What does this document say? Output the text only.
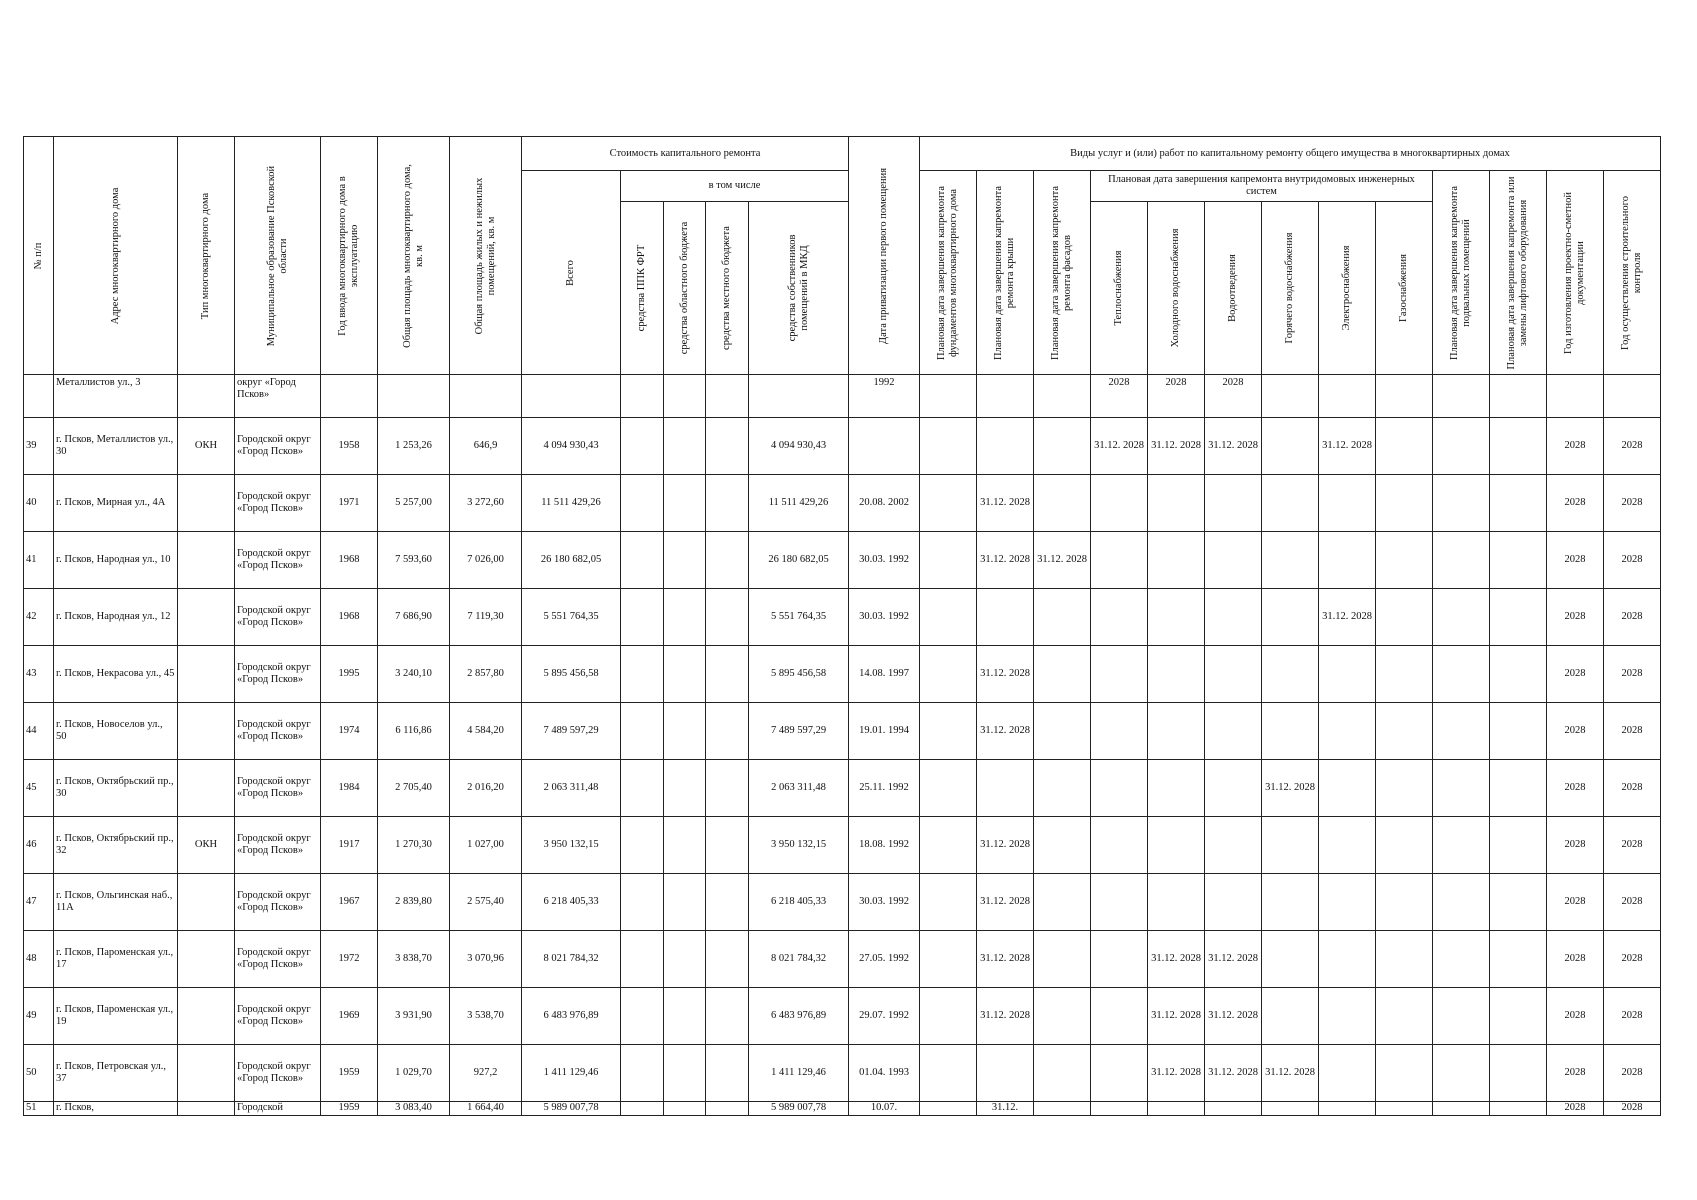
№ п/п	Адрес многоквартирного дома	Тип многоквартирного дома	Муниципальное образование Псковской области	Год ввода многоквартирного дома в эксплуатацию	Общая площадь многоквартирного дома, кв. м	Общая площадь жилых и нежилых помещений, кв. м	Стоимость капитального ремонта					Дата приватизации первого помещения	Виды услуг и (или) работ по капитальному ремонту общего имущества в многоквартирных домах												

							Всего	в том числе					Плановая дата завершения капремонта фундаментов многоквартирного дома	Плановая дата завершения капремонта ремонта крыши	Плановая дата завершения капремонта ремонта фасадов	Плановая дата завершения капремонта внутридомовых инженерных систем						Плановая дата завершения капремонта подвальных помещений	Плановая дата завершения капремонта или замены лифтового оборудования	Год изготовления проектно-сметной документации	Год осуществления строительного контроля

								средства ППК ФРТ	средства областного бюджета	средства местного бюджета	средства собственников помещений в МКД					Теплоснабжения	Холодного водоснабжения	Водоотведения	Горячего водоснабжения	Электроснабжения	Газоснабжения				

	Металлистов ул., 3		округ «Город Псков»									1992				2028	2028	2028							
39	г. Псков, Металлистов ул., 30	ОКН	Городской округ «Город Псков»	1958	1 253,26	646,9	4 094 930,43				4 094 930,43					31.12. 2028	31.12. 2028	31.12. 2028		31.12. 2028				2028	2028
40	г. Псков, Мирная ул., 4А		Городской округ «Город Псков»	1971	5 257,00	3 272,60	11 511 429,26				11 511 429,26	20.08. 2002		31.12. 2028										2028	2028
41	г. Псков, Народная ул., 10		Городской округ «Город Псков»	1968	7 593,60	7 026,00	26 180 682,05				26 180 682,05	30.03. 1992		31.12. 2028	31.12. 2028									2028	2028
42	г. Псков, Народная ул., 12		Городской округ «Город Псков»	1968	7 686,90	7 119,30	5 551 764,35				5 551 764,35	30.03. 1992								31.12. 2028				2028	2028
43	г. Псков, Некрасова ул., 45		Городской округ «Город Псков»	1995	3 240,10	2 857,80	5 895 456,58				5 895 456,58	14.08. 1997		31.12. 2028										2028	2028
44	г. Псков, Новоселов ул., 50		Городской округ «Город Псков»	1974	6 116,86	4 584,20	7 489 597,29				7 489 597,29	19.01. 1994		31.12. 2028										2028	2028
45	г. Псков, Октябрьский пр., 30		Городской округ «Город Псков»	1984	2 705,40	2 016,20	2 063 311,48				2 063 311,48	25.11. 1992							31.12. 2028					2028	2028
46	г. Псков, Октябрьский пр., 32	ОКН	Городской округ «Город Псков»	1917	1 270,30	1 027,00	3 950 132,15				3 950 132,15	18.08. 1992		31.12. 2028										2028	2028
47	г. Псков, Ольгинская наб., 11А		Городской округ «Город Псков»	1967	2 839,80	2 575,40	6 218 405,33				6 218 405,33	30.03. 1992		31.12. 2028										2028	2028
48	г. Псков, Пароменская ул., 17		Городской округ «Город Псков»	1972	3 838,70	3 070,96	8 021 784,32				8 021 784,32	27.05. 1992		31.12. 2028			31.12. 2028	31.12. 2028						2028	2028
49	г. Псков, Пароменская ул., 19		Городской округ «Город Псков»	1969	3 931,90	3 538,70	6 483 976,89				6 483 976,89	29.07. 1992		31.12. 2028			31.12. 2028	31.12. 2028						2028	2028
50	г. Псков, Петровская ул., 37		Городской округ «Город Псков»	1959	1 029,70	927,2	1 411 129,46				1 411 129,46	01.04. 1993					31.12. 2028	31.12. 2028	31.12. 2028					2028	2028
51	г. Псков,		Городской	1959	3 083,40	1 664,40	5 989 007,78				5 989 007,78	10.07.		31.12.										2028	2028
